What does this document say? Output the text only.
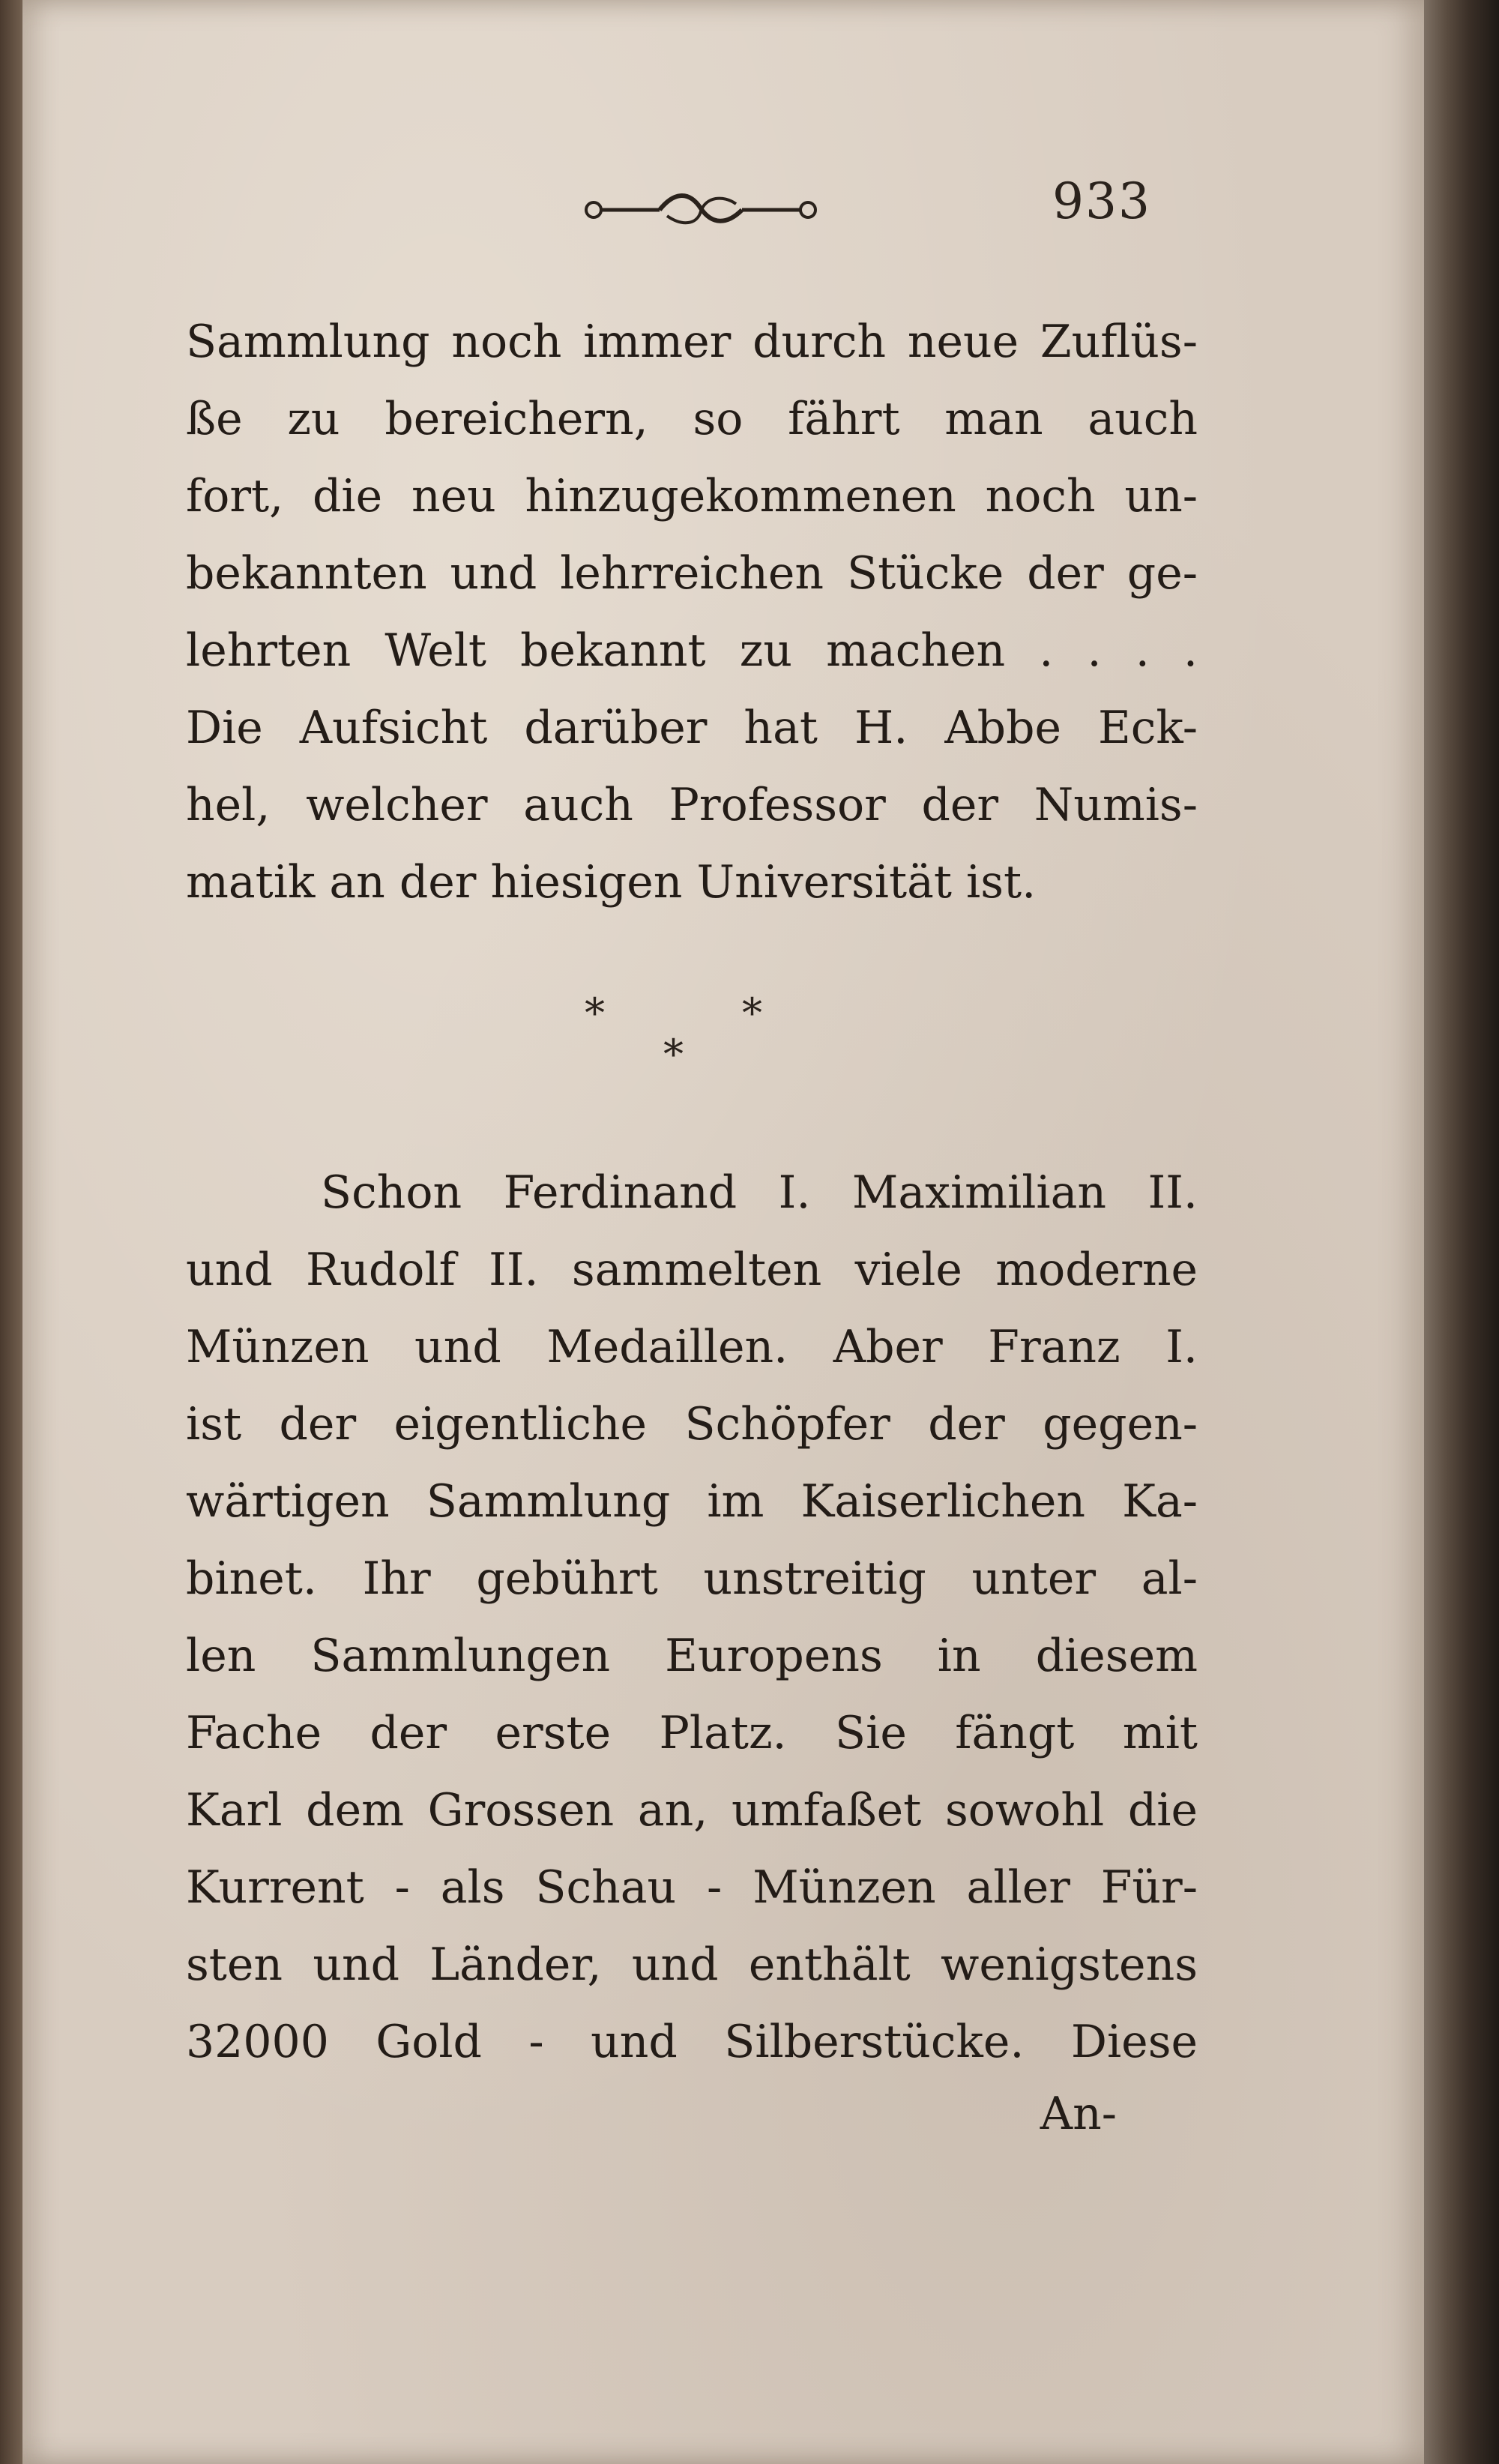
933
Sammlung noch immer durch neue Zuflüs-
ße zu bereichern, so fährt man auch
fort, die neu hinzugekommenen noch un-
bekannten und lehrreichen Stücke der ge-
lehrten Welt bekannt zu machen . . . .
Die Aufsicht darüber hat H. Abbe Eck-
hel, welcher auch Professor der Numis-
matik an der hiesigen Universität ist.
*	*
*
Schon Ferdinand I. Maximilian II.
und Rudolf II. sammelten viele moderne
Münzen und Medaillen. Aber Franz I.
ist der eigentliche Schöpfer der gegen-
wärtigen Sammlung im Kaiserlichen Ka-
binet. Ihr gebührt unstreitig unter al-
len Sammlungen Europens in diesem
Fache der erste Platz. Sie fängt mit
Karl dem Grossen an, umfaßet sowohl die
Kurrent - als Schau - Münzen aller Für-
sten und Länder, und enthält wenigstens
32000 Gold - und Silberstücke. Diese
An-
